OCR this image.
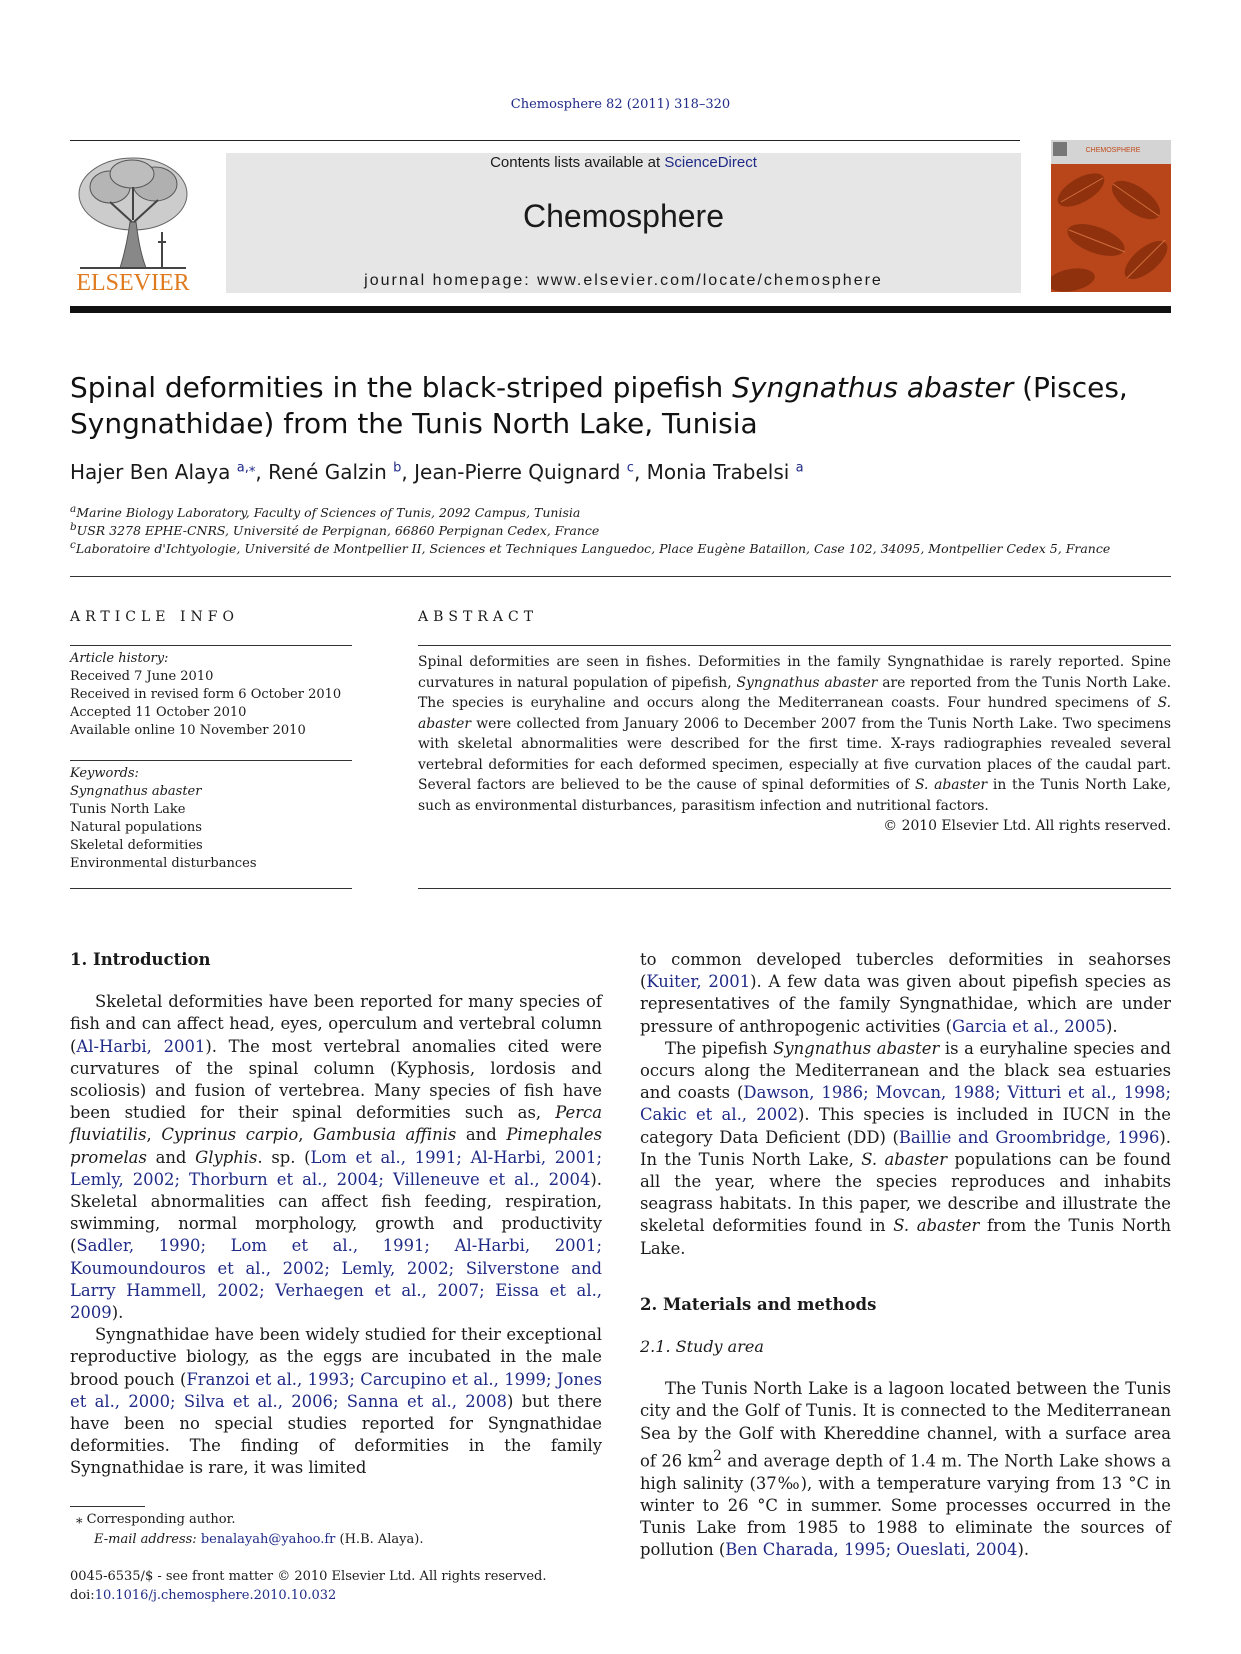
Chemosphere 82 (2011) 318–320
ELSEVIER
Contents lists available at ScienceDirect
Chemosphere
journal homepage: www.elsevier.com/locate/chemosphere
CHEMOSPHERE
Spinal deformities in the black-striped pipefish Syngnathus abaster (Pisces, Syngnathidae) from the Tunis North Lake, Tunisia
Hajer Ben Alaya $^{a,⁎}$, René Galzin $^b$, Jean-Pierre Quignard $^c$, Monia Trabelsi $^a$
$^a$Marine Biology Laboratory, Faculty of Sciences of Tunis, 2092 Campus, Tunisia
$^b$USR 3278 EPHE-CNRS, Université de Perpignan, 66860 Perpignan Cedex, France
$^c$Laboratoire d'Ichtyologie, Université de Montpellier II, Sciences et Techniques Languedoc, Place Eugène Bataillon, Case 102, 34095, Montpellier Cedex 5, France
ARTICLE INFO	ABSTRACT
Article history:
Received 7 June 2010
Received in revised form 6 October 2010
Accepted 11 October 2010
Available online 10 November 2010
Keywords:
Syngnathus abaster
Tunis North Lake
Natural populations
Skeletal deformities
Environmental disturbances
Spinal deformities are seen in fishes. Deformities in the family Syngnathidae is rarely reported. Spine curvatures in natural population of pipefish, Syngnathus abaster are reported from the Tunis North Lake. The species is euryhaline and occurs along the Mediterranean coasts. Four hundred specimens of S. abaster were collected from January 2006 to December 2007 from the Tunis North Lake. Two specimens with skeletal abnormalities were described for the first time. X-rays radiographies revealed several vertebral deformities for each deformed specimen, especially at five curvation places of the caudal part. Several factors are believed to be the cause of spinal deformities of S. abaster in the Tunis North Lake, such as environmental disturbances, parasitism infection and nutritional factors.
© 2010 Elsevier Ltd. All rights reserved.
1. Introduction

Skeletal deformities have been reported for many species of fish and can affect head, eyes, operculum and vertebral column (Al-Harbi, 2001). The most vertebral anomalies cited were curvatures of the spinal column (Kyphosis, lordosis and scoliosis) and fusion of vertebrea. Many species of fish have been studied for their spinal deformities such as, Perca fluviatilis, Cyprinus carpio, Gambusia affinis and Pimephales promelas and Glyphis. sp. (Lom et al., 1991; Al-Harbi, 2001; Lemly, 2002; Thorburn et al., 2004; Villeneuve et al., 2004). Skeletal abnormalities can affect fish feeding, respiration, swimming, normal morphology, growth and productivity (Sadler, 1990; Lom et al., 1991; Al-Harbi, 2001; Koumoundouros et al., 2002; Lemly, 2002; Silverstone and Larry Hammell, 2002; Verhaegen et al., 2007; Eissa et al., 2009).

Syngnathidae have been widely studied for their exceptional reproductive biology, as the eggs are incubated in the male brood pouch (Franzoi et al., 1993; Carcupino et al., 1999; Jones et al., 2000; Silva et al., 2006; Sanna et al., 2008) but there have been no special studies reported for Syngnathidae deformities. The finding of deformities in the family Syngnathidae is rare, it was limited

to common developed tubercles deformities in seahorses (Kuiter, 2001). A few data was given about pipefish species as representatives of the family Syngnathidae, which are under pressure of anthropogenic activities (Garcia et al., 2005).

The pipefish Syngnathus abaster is a euryhaline species and occurs along the Mediterranean and the black sea estuaries and coasts (Dawson, 1986; Movcan, 1988; Vitturi et al., 1998; Cakic et al., 2002). This species is included in IUCN in the category Data Deficient (DD) (Baillie and Groombridge, 1996). In the Tunis North Lake, S. abaster populations can be found all the year, where the species reproduces and inhabits seagrass habitats. In this paper, we describe and illustrate the skeletal deformities found in S. abaster from the Tunis North Lake.

2. Materials and methods
2.1. Study area

The Tunis North Lake is a lagoon located between the Tunis city and the Golf of Tunis. It is connected to the Mediterranean Sea by the Golf with Khereddine channel, with a surface area of 26 $km^2$ and average depth of 1.4 m. The North Lake shows a high salinity (37‰), with a temperature varying from 13 °C in winter to 26 °C in summer. Some processes occurred in the Tunis Lake from 1985 to 1988 to eliminate the sources of pollution (Ben Charada, 1995; Oueslati, 2004).

⁎ Corresponding author.
E-mail address: benalayah@yahoo.fr (H.B. Alaya).
0045-6535/$ - see front matter © 2010 Elsevier Ltd. All rights reserved.
doi:10.1016/j.chemosphere.2010.10.032
